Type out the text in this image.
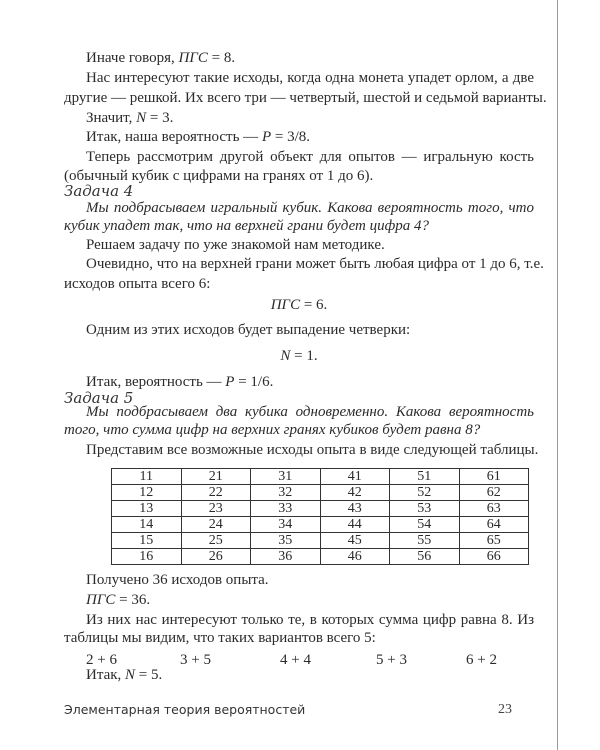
Иначе говоря, ПГС = 8.
Нас интересуют такие исходы, когда одна монета упадет орлом, а две
другие — решкой. Их всего три — четвертый, шестой и седьмой варианты.
Значит, N = 3.
Итак, наша вероятность — P = 3/8.
Теперь рассмотрим другой объект для опытов — игральную кость
(обычный кубик с цифрами на гранях от 1 до 6).
Задача 4
Мы подбрасываем игральный кубик. Какова вероятность того, что
кубик упадет так, что на верхней грани будет цифра 4?
Решаем задачу по уже знакомой нам методике.
Очевидно, что на верхней грани может быть любая цифра от 1 до 6, т.е.
исходов опыта всего 6:
ПГС = 6.
Одним из этих исходов будет выпадение четверки:
N = 1.
Итак, вероятность — P = 1/6.
Задача 5
Мы подбрасываем два кубика одновременно. Какова вероятность
того, что сумма цифр на верхних гранях кубиков будет равна 8?
Представим все возможные исходы опыта в виде следующей таблицы.
Получено 36 исходов опыта.
ПГС = 36.
Из них нас интересуют только те, в которых сумма цифр равна 8. Из
таблицы мы видим, что таких вариантов всего 5:
Итак, N = 5.
11	21	31	41	51	61
12	22	32	42	52	62
13	23	33	43	53	63
14	24	34	44	54	64
15	25	35	45	55	65
16	26	36	46	56	66
2 + 6	3 + 5	4 + 4	5 + 3	6 + 2
Элементарная теория вероятностей	23
